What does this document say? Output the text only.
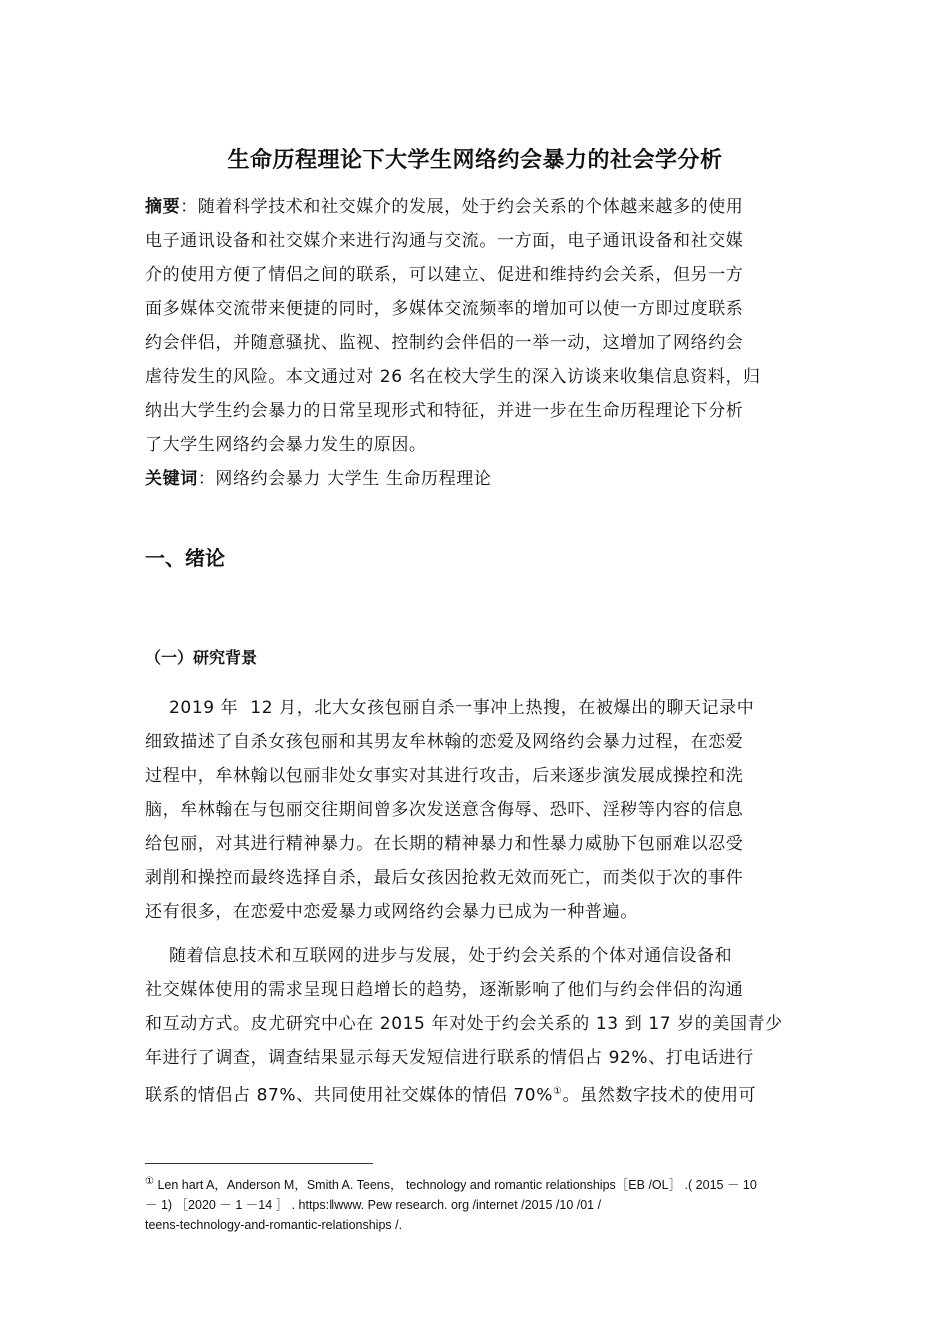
生命历程理论下大学生网络约会暴力的社会学分析
摘要：随着科学技术和社交媒介的发展，处于约会关系的个体越来越多的使用
电子通讯设备和社交媒介来进行沟通与交流。一方面，电子通讯设备和社交媒
介的使用方便了情侣之间的联系，可以建立、促进和维持约会关系，但另一方
面多媒体交流带来便捷的同时，多媒体交流频率的增加可以使一方即过度联系
约会伴侣，并随意骚扰、监视、控制约会伴侣的一举一动，这增加了网络约会
虐待发生的风险。本文通过对 26 名在校大学生的深入访谈来收集信息资料，归
纳出大学生约会暴力的日常呈现形式和特征，并进一步在生命历程理论下分析
了大学生网络约会暴力发生的原因。
关键词：网络约会暴力 大学生 生命历程理论
一、绪论
（一）研究背景
2019 年  12 月，北大女孩包丽自杀一事冲上热搜，在被爆出的聊天记录中
细致描述了自杀女孩包丽和其男友牟林翰的恋爱及网络约会暴力过程，在恋爱
过程中，牟林翰以包丽非处女事实对其进行攻击，后来逐步演发展成操控和洗
脑，牟林翰在与包丽交往期间曾多次发送意含侮辱、恐吓、淫秽等内容的信息
给包丽，对其进行精神暴力。在长期的精神暴力和性暴力威胁下包丽难以忍受
剥削和操控而最终选择自杀，最后女孩因抢救无效而死亡，而类似于次的事件
还有很多，在恋爱中恋爱暴力或网络约会暴力已成为一种普遍。
随着信息技术和互联网的进步与发展，处于约会关系的个体对通信设备和
社交媒体使用的需求呈现日趋增长的趋势，逐渐影响了他们与约会伴侣的沟通
和互动方式。皮尤研究中心在 2015 年对处于约会关系的 13 到 17 岁的美国青少
年进行了调查，调查结果显示每天发短信进行联系的情侣占 92%、打电话进行
联系的情侣占 87%、共同使用社交媒体的情侣 70%①。虽然数字技术的使用可
① Len hart A，Anderson M，Smith A. Teens， technology and romantic relationships［EB /OL］ .( 2015 － 10
－ 1) ［2020 － 1 －14 ］ . https:‖www. Pew research. org /internet /2015 /10 /01 /
teens-technology-and-romantic-relationships /.
